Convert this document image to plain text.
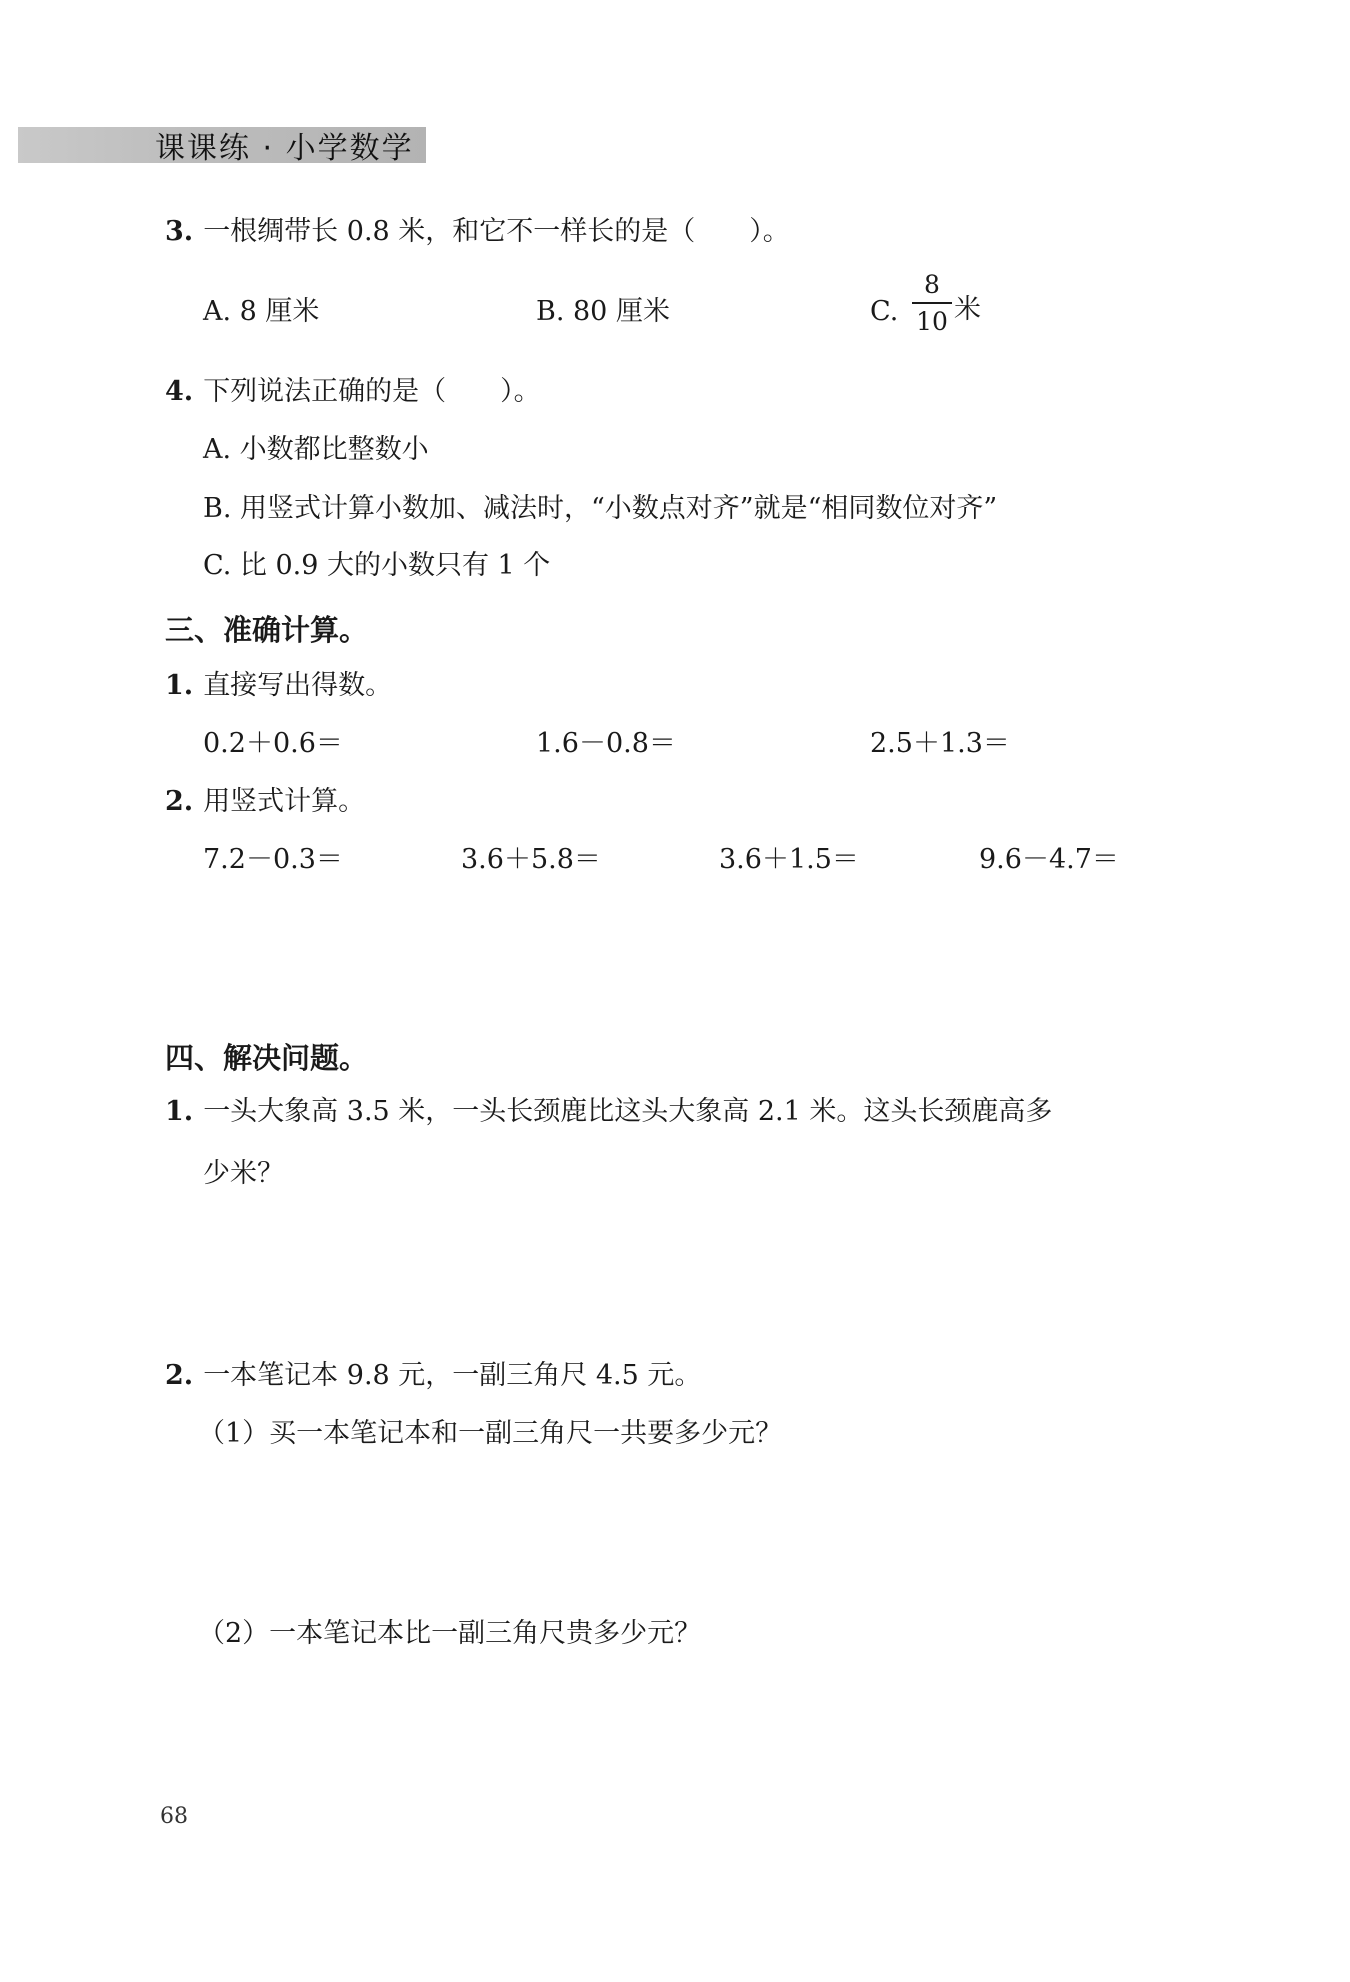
课课练 · 小学数学
3. 一根绸带长 0.8 米，和它不一样长的是（　　）。
A. 8 厘米	B. 80 厘米	C. $\frac{8}{10}$ 米
4. 下列说法正确的是（　　）。
A. 小数都比整数小
B. 用竖式计算小数加、减法时，“小数点对齐”就是“相同数位对齐”
C. 比 0.9 大的小数只有 1 个
三、准确计算。
1. 直接写出得数。
0.2＋0.6＝	1.6－0.8＝	2.5＋1.3＝
2. 用竖式计算。
7.2－0.3＝	3.6＋5.8＝	3.6＋1.5＝	9.6－4.7＝
四、解决问题。
1. 一头大象高 3.5 米，一头长颈鹿比这头大象高 2.1 米。这头长颈鹿高多
少米？
2. 一本笔记本 9.8 元，一副三角尺 4.5 元。
（1）买一本笔记本和一副三角尺一共要多少元？
（2）一本笔记本比一副三角尺贵多少元？
68
